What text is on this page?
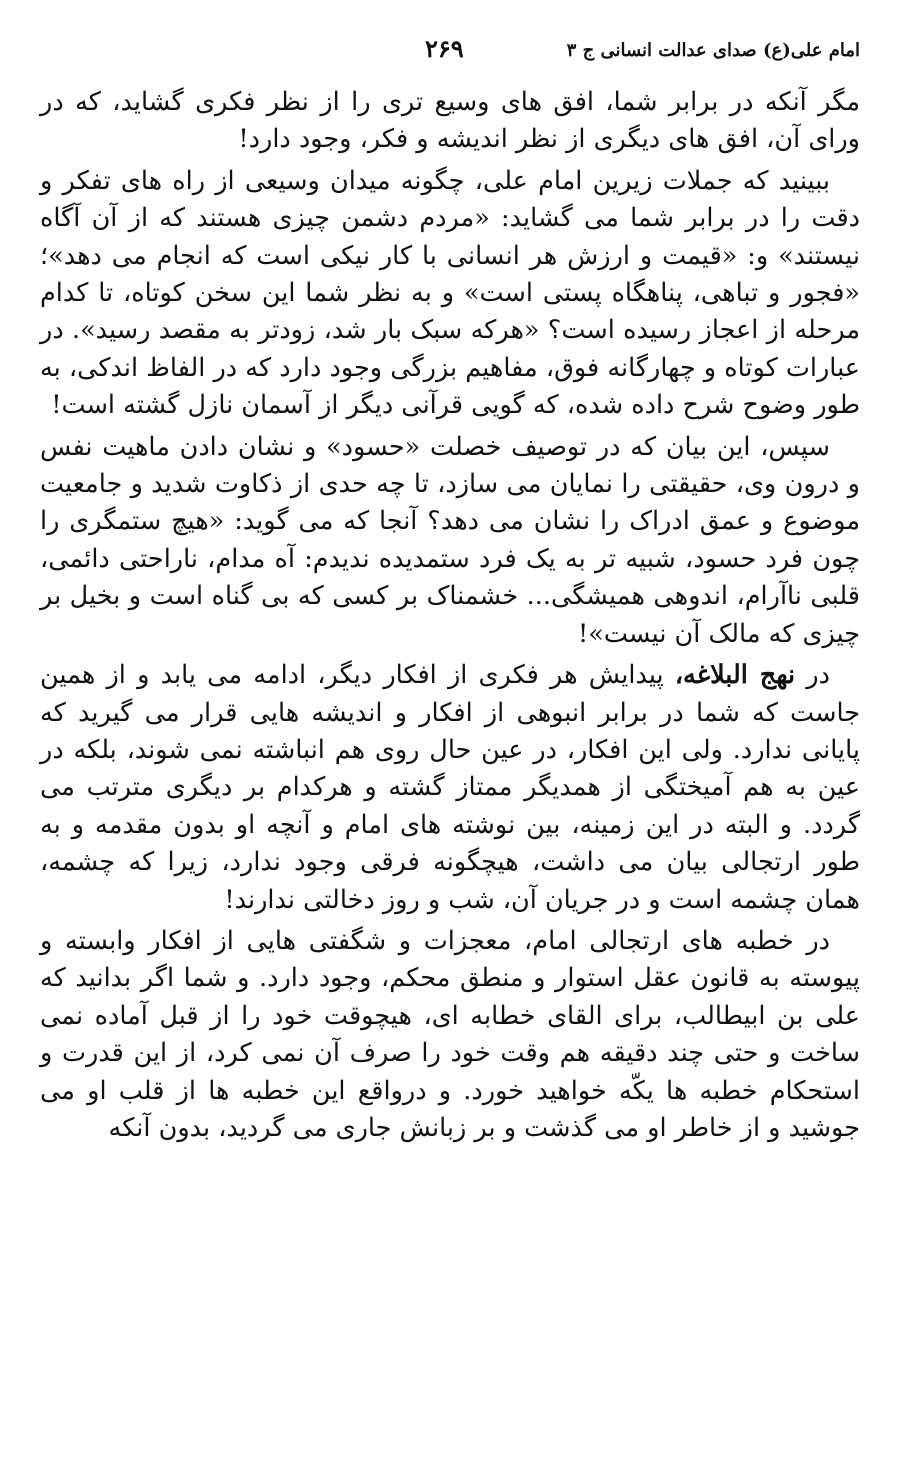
امام علی(ع) صدای عدالت انسانی ج ۳
۲۶۹

مگر آنکه در برابر شما، افق های وسیع تری را از نظر فکری گشاید، که در ورای آن، افق های دیگری از نظر اندیشه و فکر، وجود دارد!

ببینید که جملات زیرین امام علی، چگونه میدان وسیعی از راه های تفکر و دقت را در برابر شما می گشاید: «مردم دشمن چیزی هستند که از آن آگاه نیستند» و: «قیمت و ارزش هر انسانی با کار نیکی است که انجام می دهد»؛ «فجور و تباهی، پناهگاه پستی است» و به نظر شما این سخن کوتاه، تا کدام مرحله از اعجاز رسیده است؟ «هرکه سبک بار شد، زودتر به مقصد رسید». در عبارات کوتاه و چهارگانه فوق، مفاهیم بزرگی وجود دارد که در الفاظ اندکی، به طور وضوح شرح داده شده، که گویی قرآنی دیگر از آسمان نازل گشته است!

سپس، این بیان که در توصیف خصلت «حسود» و نشان دادن ماهیت نفس و درون وی، حقیقتی را نمایان می سازد، تا چه حدی از ذکاوت شدید و جامعیت موضوع و عمق ادراک را نشان می دهد؟ آنجا که می گوید: «هیچ ستمگری را چون فرد حسود، شبیه تر به یک فرد ستمدیده ندیدم: آه مدام، ناراحتی دائمی، قلبی ناآرام، اندوهی همیشگی... خشمناک بر کسی که بی گناه است و بخیل بر چیزی که مالک آن نیست»!

در نهج البلاغه، پیدایش هر فکری از افکار دیگر، ادامه می یابد و از همین جاست که شما در برابر انبوهی از افکار و اندیشه هایی قرار می گیرید که پایانی ندارد. ولی این افکار، در عین حال روی هم انباشته نمی شوند، بلکه در عین به هم آمیختگی از همدیگر ممتاز گشته و هرکدام بر دیگری مترتب می گردد. و البته در این زمینه، بین نوشته های امام و آنچه او بدون مقدمه و به طور ارتجالی بیان می داشت، هیچگونه فرقی وجود ندارد، زیرا که چشمه، همان چشمه است و در جریان آن، شب و روز دخالتی ندارند!

در خطبه های ارتجالی امام، معجزات و شگفتی هایی از افکار وابسته و پیوسته به قانون عقل استوار و منطق محکم، وجود دارد. و شما اگر بدانید که علی بن ابیطالب، برای القای خطابه ای، هیچوقت خود را از قبل آماده نمی ساخت و حتی چند دقیقه هم وقت خود را صرف آن نمی کرد، از این قدرت و استحکام خطبه ها یکّه خواهید خورد. و درواقع این خطبه ها از قلب او می جوشید و از خاطر او می گذشت و بر زبانش جاری می گردید، بدون آنکه
